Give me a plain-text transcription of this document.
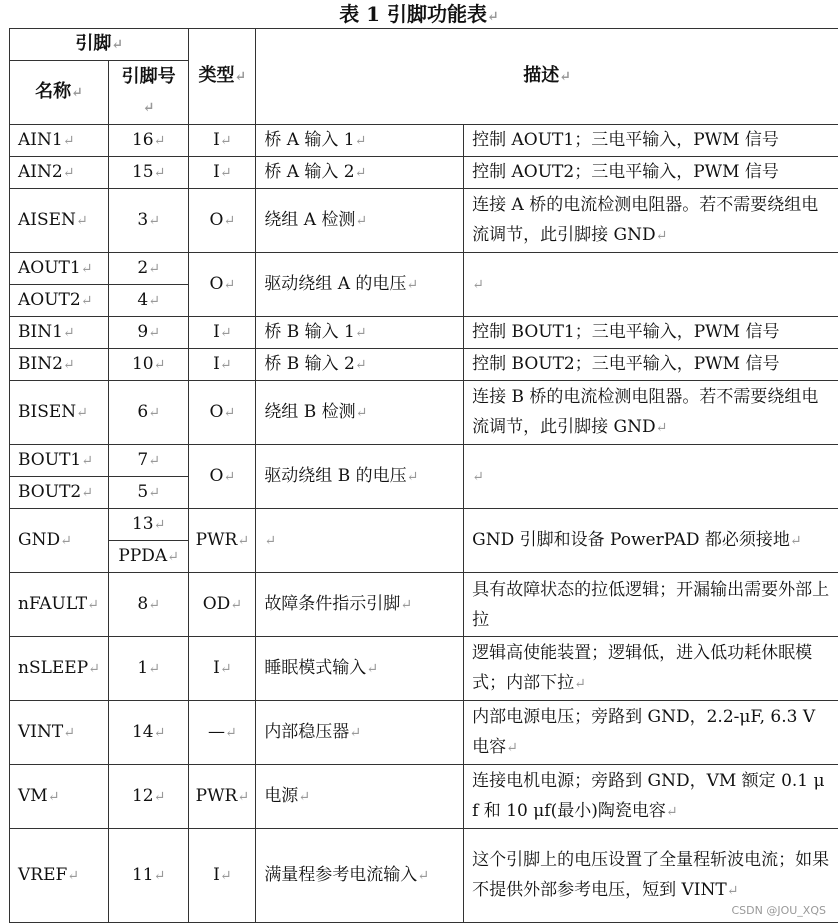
表 1 引脚功能表↵
引脚↵		类型↵	描述↵	
名称↵	引脚号↵			
AIN1↵	16↵	I↵	桥 A 输入 1↵	控制 AOUT1；三电平输入，PWM 信号
AIN2↵	15↵	I↵	桥 A 输入 2↵	控制 AOUT2；三电平输入，PWM 信号
AISEN↵	3↵	O↵	绕组 A 检测↵	连接 A 桥的电流检测电阻器。若不需要绕组电流调节，此引脚接 GND↵
AOUT1↵	2↵	O↵	驱动绕组 A 的电压↵	↵
AOUT2↵	4↵			
BIN1↵	9↵	I↵	桥 B 输入 1↵	控制 BOUT1；三电平输入，PWM 信号
BIN2↵	10↵	I↵	桥 B 输入 2↵	控制 BOUT2；三电平输入，PWM 信号
BISEN↵	6↵	O↵	绕组 B 检测↵	连接 B 桥的电流检测电阻器。若不需要绕组电流调节，此引脚接 GND↵
BOUT1↵	7↵	O↵	驱动绕组 B 的电压↵	↵
BOUT2↵	5↵			
GND↵	13↵	PWR↵	↵	GND 引脚和设备 PowerPAD 都必须接地↵
	PPDA↵			
nFAULT↵	8↵	OD↵	故障条件指示引脚↵	具有故障状态的拉低逻辑；开漏输出需要外部上拉
nSLEEP↵	1↵	I↵	睡眠模式输入↵	逻辑高使能装置；逻辑低，进入低功耗休眠模式；内部下拉↵
VINT↵	14↵	—↵	内部稳压器↵	内部电源电压；旁路到 GND，2.2-μF, 6.3 V 电容↵
VM↵	12↵	PWR↵	电源↵	连接电机电源；旁路到 GND，VM 额定 0.1 μf 和 10 μf(最小)陶瓷电容↵
VREF↵	11↵	I↵	满量程参考电流输入↵	这个引脚上的电压设置了全量程斩波电流；如果不提供外部参考电压，短到 VINT↵
CSDN @JOU_XQS
